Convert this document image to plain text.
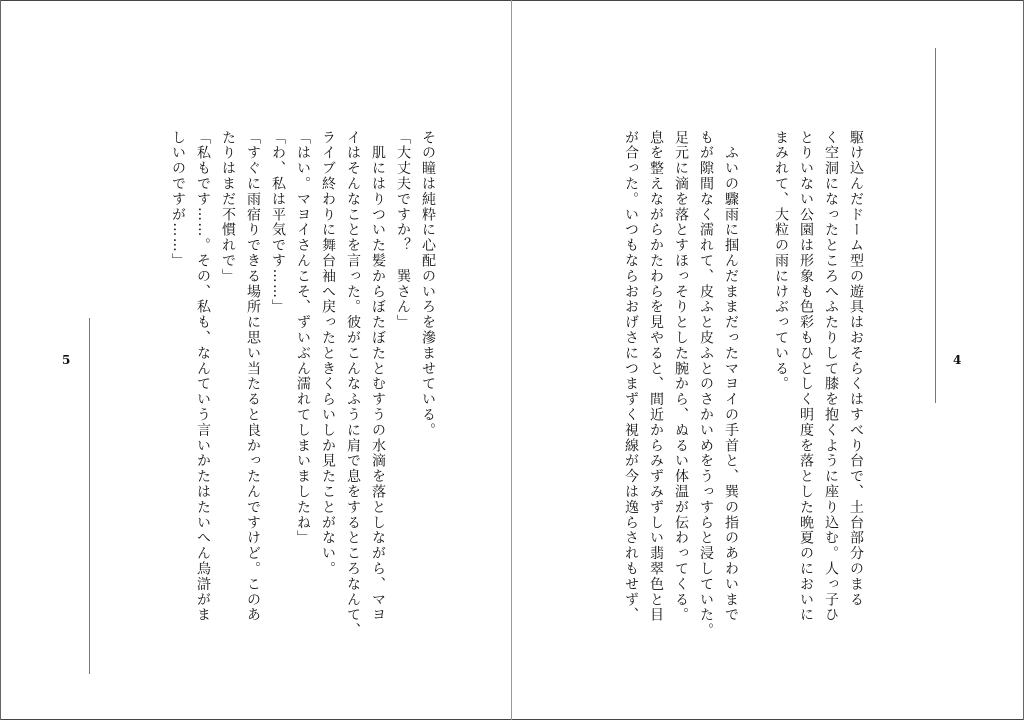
4
駆け込んだドーム型の遊具はおそらくはすべり台で、土台部分のまる
く空洞になったところへふたりして膝を抱くように座り込む。人っ子ひ
とりいない公園は形象も色彩もひとしく明度を落とした晩夏のにおいに
まみれて、大粒の雨にけぶっている。

　ふいの驟雨に掴んだままだったマヨイの手首と、巽の指のあわいまで
もが隙間なく濡れて、皮ふと皮ふとのさかいめをうっすらと浸していた。
足元に滴を落とすほっそりとした腕から、ぬるい体温が伝わってくる。
息を整えながらかたわらを見やると、間近からみずみずしい翡翠色と目
が合った。いつもならおおげさにつまずく視線が今は逸らされもせず、
5	その瞳は純粋に心配のいろを滲ませている。
「大丈夫ですか？　巽さん」
　肌にはりついた髪からぼたぼたとむすうの水滴を落としながら、マヨ
イはそんなことを言った。彼がこんなふうに肩で息をするところなんて、
ライブ終わりに舞台袖へ戻ったときくらいしか見たことがない。
「はい。マヨイさんこそ、ずいぶん濡れてしまいましたね」
「わ、私は平気です……」
「すぐに雨宿りできる場所に思い当たると良かったんですけど。このあ
たりはまだ不慣れで」
「私もです……。その、私も、なんていう言いかたはたいへん烏滸がま
しいのですが……」
